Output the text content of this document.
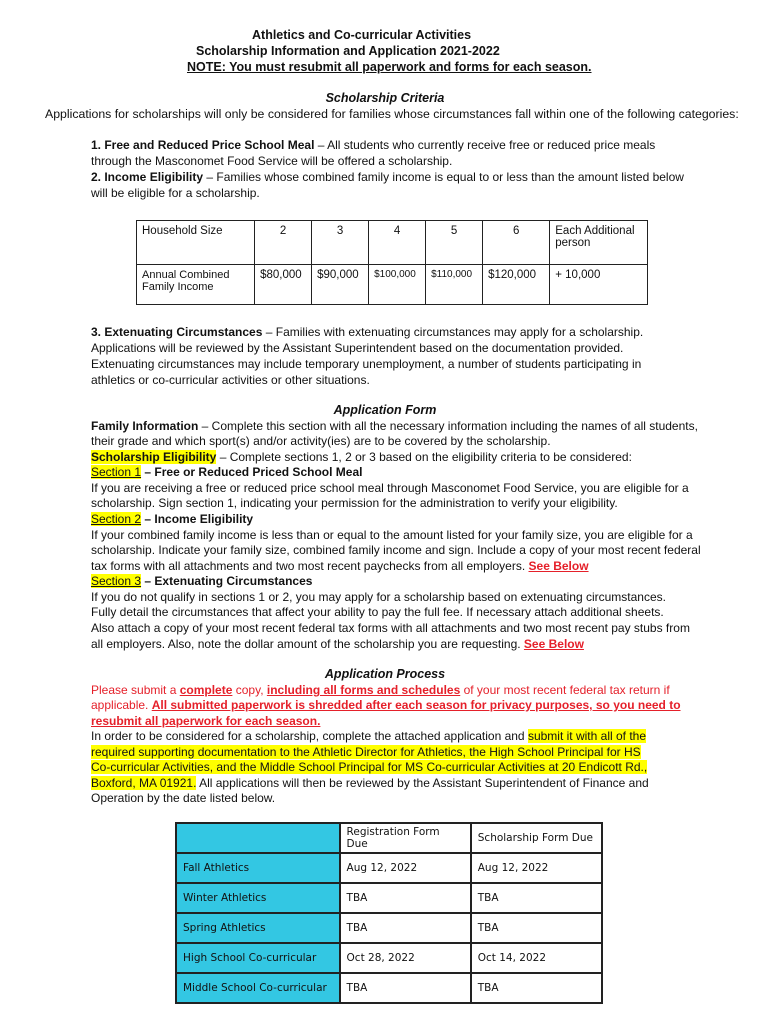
Athletics and Co-curricular Activities
Scholarship Information and Application 2021-2022
NOTE: You must resubmit all paperwork and forms for each season.
Scholarship Criteria
Applications for scholarships will only be considered for families whose circumstances fall within one of the following categories:
1. Free and Reduced Price School Meal – All students who currently receive free or reduced price meals
through the Masconomet Food Service will be offered a scholarship.
2. Income Eligibility – Families whose combined family income is equal to or less than the amount listed below
will be eligible for a scholarship.
Household Size	2	3	4	5	6	Each Additional person
Annual Combined Family Income	$80,000	$90,000	$100,000	$110,000	$120,000	+ 10,000
3. Extenuating Circumstances – Families with extenuating circumstances may apply for a scholarship.
Applications will be reviewed by the Assistant Superintendent based on the documentation provided.
Extenuating circumstances may include temporary unemployment, a number of students participating in
athletics or co-curricular activities or other situations.
Application Form
Family Information – Complete this section with all the necessary information including the names of all students,
their grade and which sport(s) and/or activity(ies) are to be covered by the scholarship.
Scholarship Eligibility – Complete sections 1, 2 or 3 based on the eligibility criteria to be considered:
Section 1 – Free or Reduced Priced School Meal
If you are receiving a free or reduced price school meal through Masconomet Food Service, you are eligible for a
scholarship. Sign section 1, indicating your permission for the administration to verify your eligibility.
Section 2 – Income Eligibility
If your combined family income is less than or equal to the amount listed for your family size, you are eligible for a
scholarship. Indicate your family size, combined family income and sign. Include a copy of your most recent federal
tax forms with all attachments and two most recent paychecks from all employers. See Below
Section 3 – Extenuating Circumstances
If you do not qualify in sections 1 or 2, you may apply for a scholarship based on extenuating circumstances.
Fully detail the circumstances that affect your ability to pay the full fee. If necessary attach additional sheets.
Also attach a copy of your most recent federal tax forms with all attachments and two most recent pay stubs from
all employers. Also, note the dollar amount of the scholarship you are requesting. See Below
Application Process
Please submit a complete copy, including all forms and schedules of your most recent federal tax return if
applicable. All submitted paperwork is shredded after each season for privacy purposes, so you need to
resubmit all paperwork for each season.
In order to be considered for a scholarship, complete the attached application and submit it with all of the
required supporting documentation to the Athletic Director for Athletics, the High School Principal for HS
Co-curricular Activities, and the Middle School Principal for MS Co-curricular Activities at 20 Endicott Rd.,
Boxford, MA 01921. All applications will then be reviewed by the Assistant Superintendent of Finance and
Operation by the date listed below.
	Registration Form Due	Scholarship Form Due
Fall Athletics	Aug 12, 2022	Aug 12, 2022
Winter Athletics	TBA	TBA
Spring Athletics	TBA	TBA
High School Co-curricular	Oct 28, 2022	Oct 14, 2022
Middle School Co-curricular	TBA	TBA
